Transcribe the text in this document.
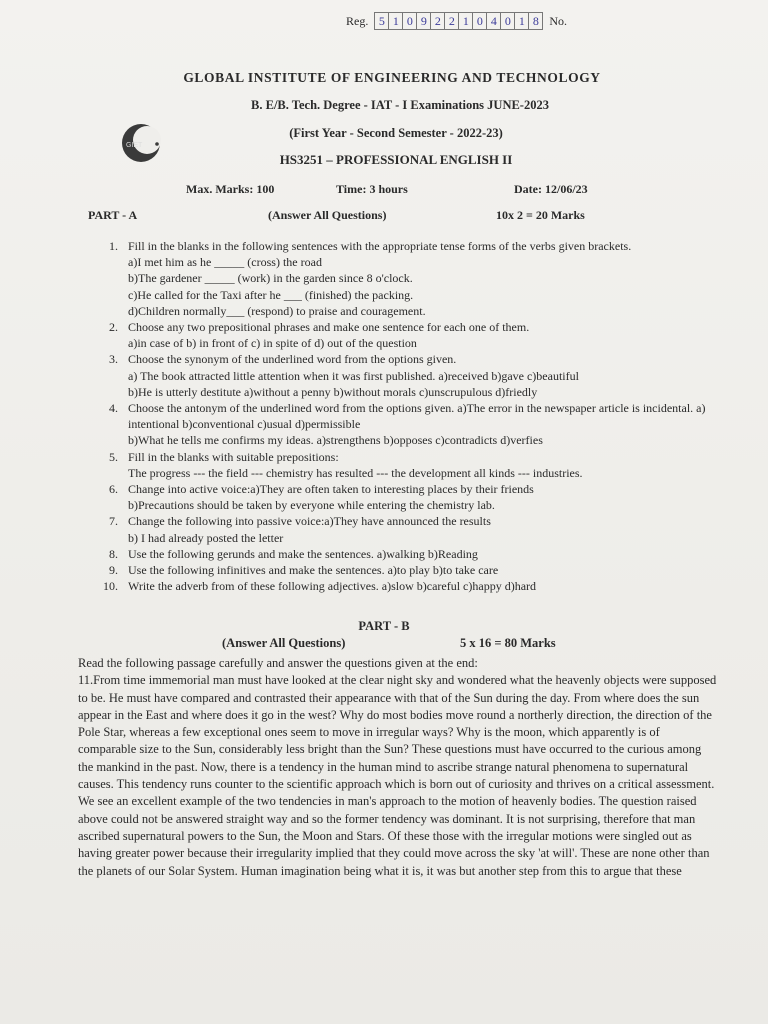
Reg. 5 1 0 9 2 2 1 0 4 0 1 8 No.
GLOBAL INSTITUTE OF ENGINEERING AND TECHNOLOGY
B. E/B. Tech. Degree - IAT - I Examinations JUNE-2023
GIET
(First Year - Second Semester - 2022-23)
HS3251 – PROFESSIONAL ENGLISH II
Max. Marks: 100	Time: 3 hours	Date: 12/06/23
PART - A	(Answer All Questions)	10x 2 = 20 Marks
1. Fill in the blanks in the following sentences with the appropriate tense forms of the verbs given brackets.
a)I met him as he _____ (cross) the road
b)The gardener _____ (work) in the garden since 8 o'clock.
c)He called for the Taxi after he ___ (finished) the packing.
d)Children normally___ (respond) to praise and couragement.
2. Choose any two prepositional phrases and make one sentence for each one of them.
a)in case of b) in front of c) in spite of d) out of the question
3. Choose the synonym of the underlined word from the options given.
a) The book attracted little attention when it was first published. a)received b)gave c)beautiful
b)He is utterly destitute a)without a penny b)without morals c)unscrupulous d)friedly
4. Choose the antonym of the underlined word from the options given. a)The error in the newspaper article is incidental. a) intentional b)conventional c)usual d)permissible
b)What he tells me confirms my ideas. a)strengthens b)opposes c)contradicts d)verfies
5. Fill in the blanks with suitable prepositions:
The progress --- the field --- chemistry has resulted --- the development all kinds --- industries.
6. Change into active voice:a)They are often taken to interesting places by their friends
b)Precautions should be taken by everyone while entering the chemistry lab.
7. Change the following into passive voice:a)They have announced the results
b) I had already posted the letter
8. Use the following gerunds and make the sentences. a)walking b)Reading
9. Use the following infinitives and make the sentences. a)to play b)to take care
10. Write the adverb from of these following adjectives. a)slow b)careful c)happy d)hard
PART - B
(Answer All Questions)	5 x 16 = 80 Marks

Read the following passage carefully and answer the questions given at the end:

11.From time immemorial man must have looked at the clear night sky and wondered what the heavenly objects were supposed to be. He must have compared and contrasted their appearance with that of the Sun during the day. From where does the sun appear in the East and where does it go in the west? Why do most bodies move round a northerly direction, the direction of the Pole Star, whereas a few exceptional ones seem to move in irregular ways? Why is the moon, which apparently is of comparable size to the Sun, considerably less bright than the Sun? These questions must have occurred to the curious among the mankind in the past. Now, there is a tendency in the human mind to ascribe strange natural phenomena to supernatural causes. This tendency runs counter to the scientific approach which is born out of curiosity and thrives on a critical assessment. We see an excellent example of the two tendencies in man's approach to the motion of heavenly bodies. The question raised above could not be answered straight way and so the former tendency was dominant. It is not surprising, therefore that man ascribed supernatural powers to the Sun, the Moon and Stars. Of these those with the irregular motions were singled out as having greater power because their irregularity implied that they could move across the sky 'at will'. These are none other than the planets of our Solar System. Human imagination being what it is, it was but another step from this to argue that these
